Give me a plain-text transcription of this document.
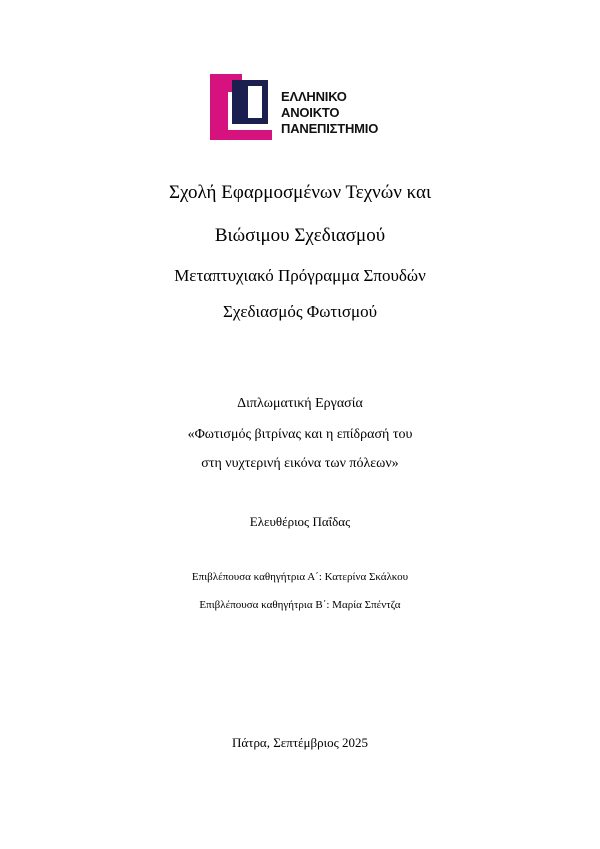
ΕΛΛΗΝΙΚΟ
ΑΝΟΙΚΤΟ
ΠΑΝΕΠΙΣΤΗΜΙΟ
Σχολή Εφαρμοσμένων Τεχνών και
Βιώσιμου Σχεδιασμού
Μεταπτυχιακό Πρόγραμμα Σπουδών
Σχεδιασμός Φωτισμού
Διπλωματική Εργασία
«Φωτισμός βιτρίνας και η επίδρασή του
στη νυχτερινή εικόνα των πόλεων»
Ελευθέριος Παΐδας
Επιβλέπουσα καθηγήτρια Α΄: Κατερίνα Σκάλκου
Επιβλέπουσα καθηγήτρια Β΄: Μαρία Σπέντζα
Πάτρα, Σεπτέμβριος 2025
